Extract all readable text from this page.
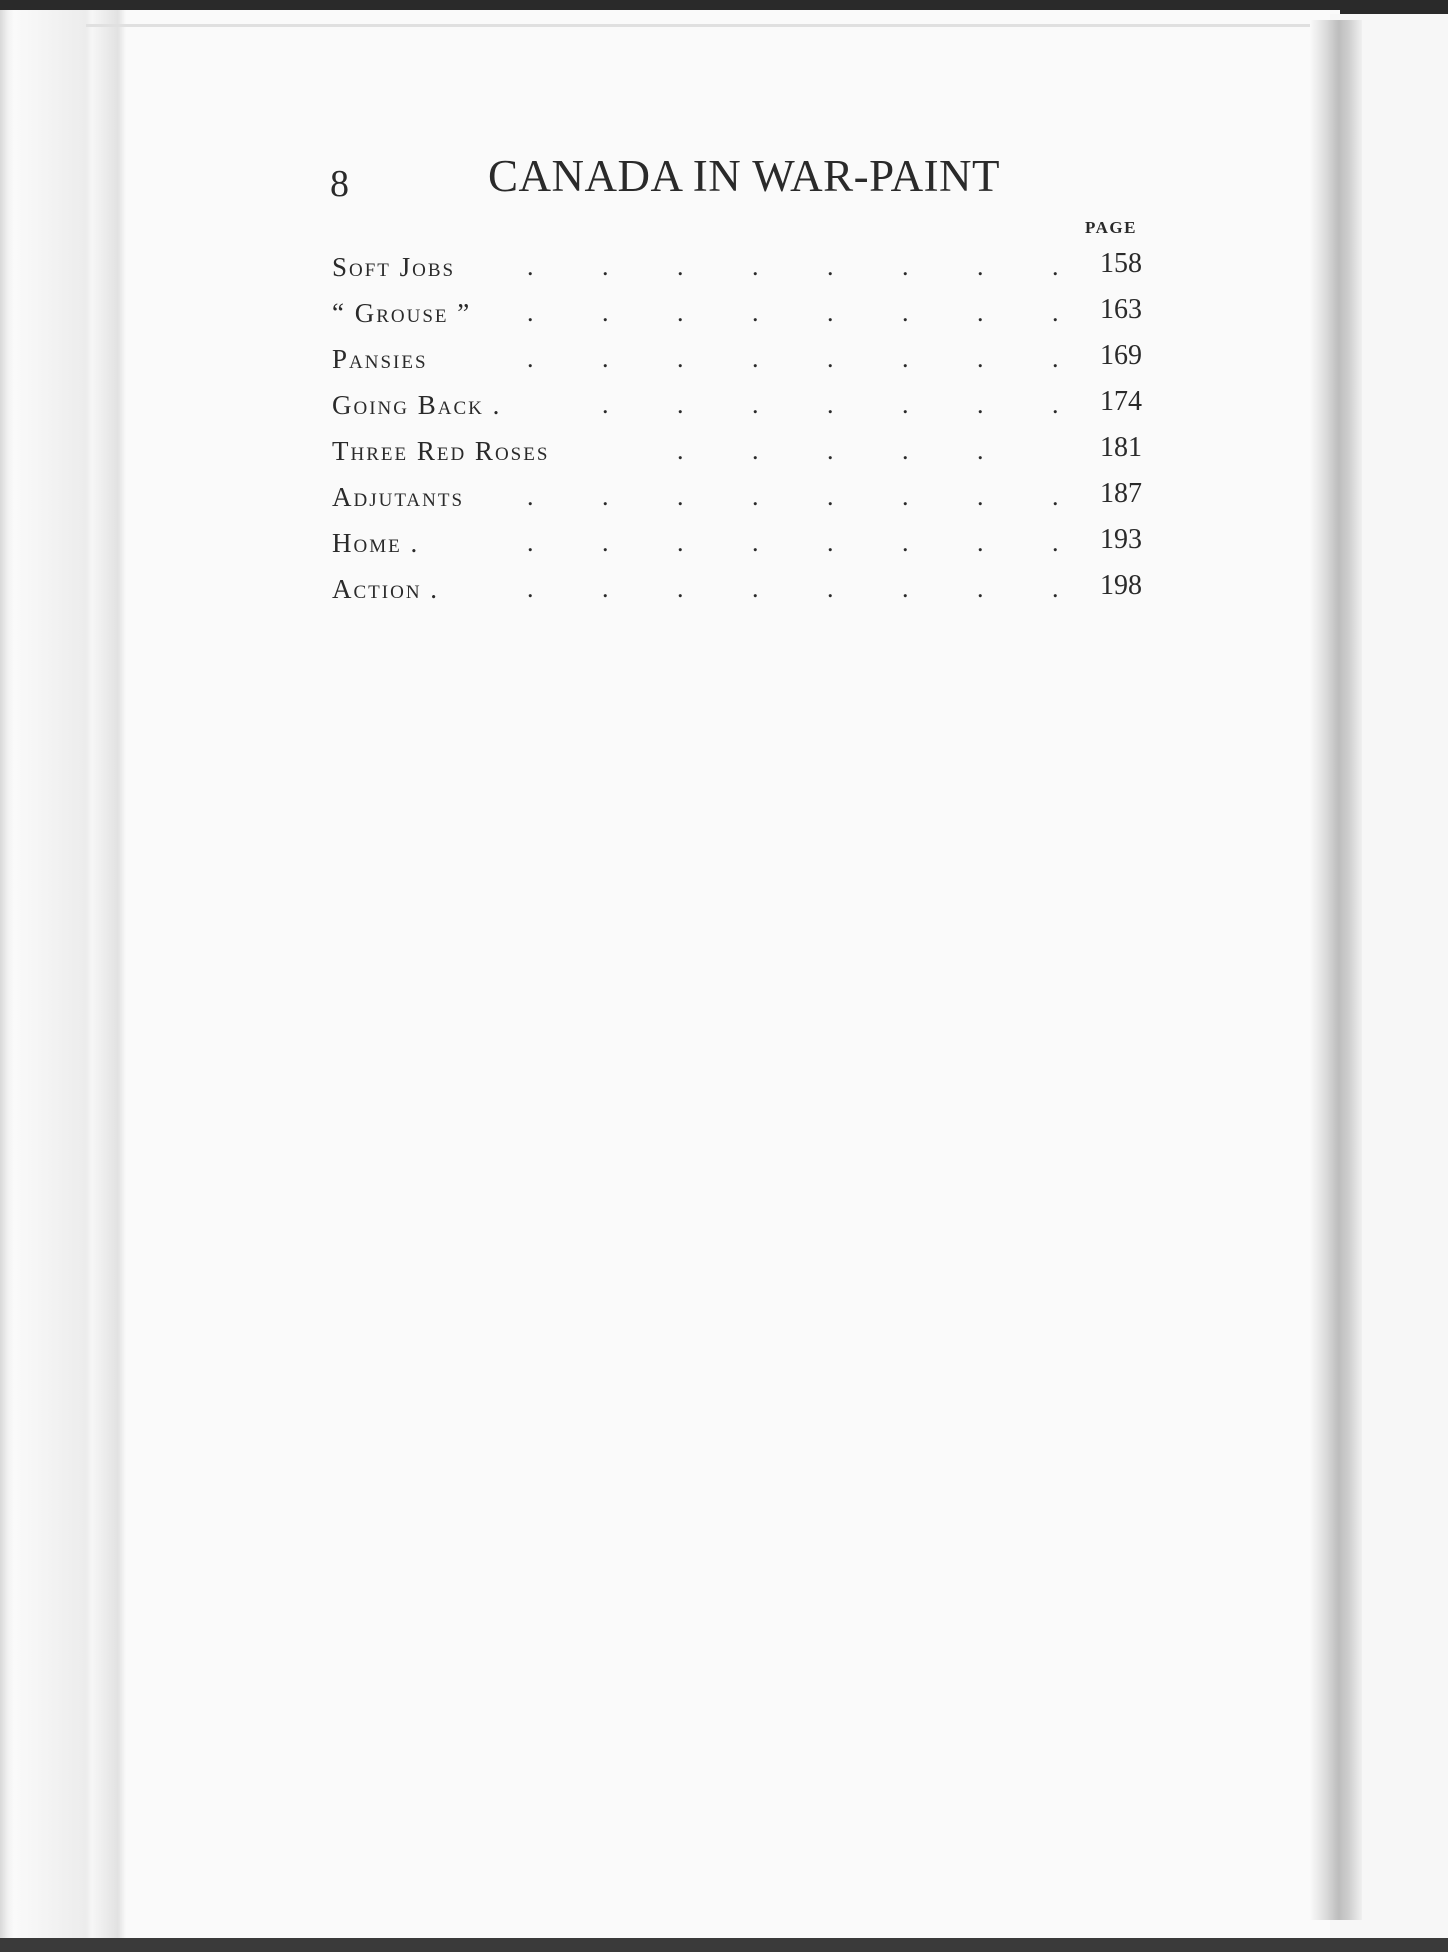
8	CANADA IN WAR-PAINT
PAGE
Soft Jobs	.	.	.	.	.	.	.	.	158
“ Grouse ” .	.	.	.	.	.	.	.	163
Pansies	.	.	.	.	.	.	.	.	169
Going Back .	.	.	.	.	.	.	.	174
Three Red Roses	.	.	.	.	.	181
Adjutants .	.	.	.	.	.	.	.	187
Home .	.	.	.	.	.	.	.	.	193
Action .	.	.	.	.	.	.	.	.	198
